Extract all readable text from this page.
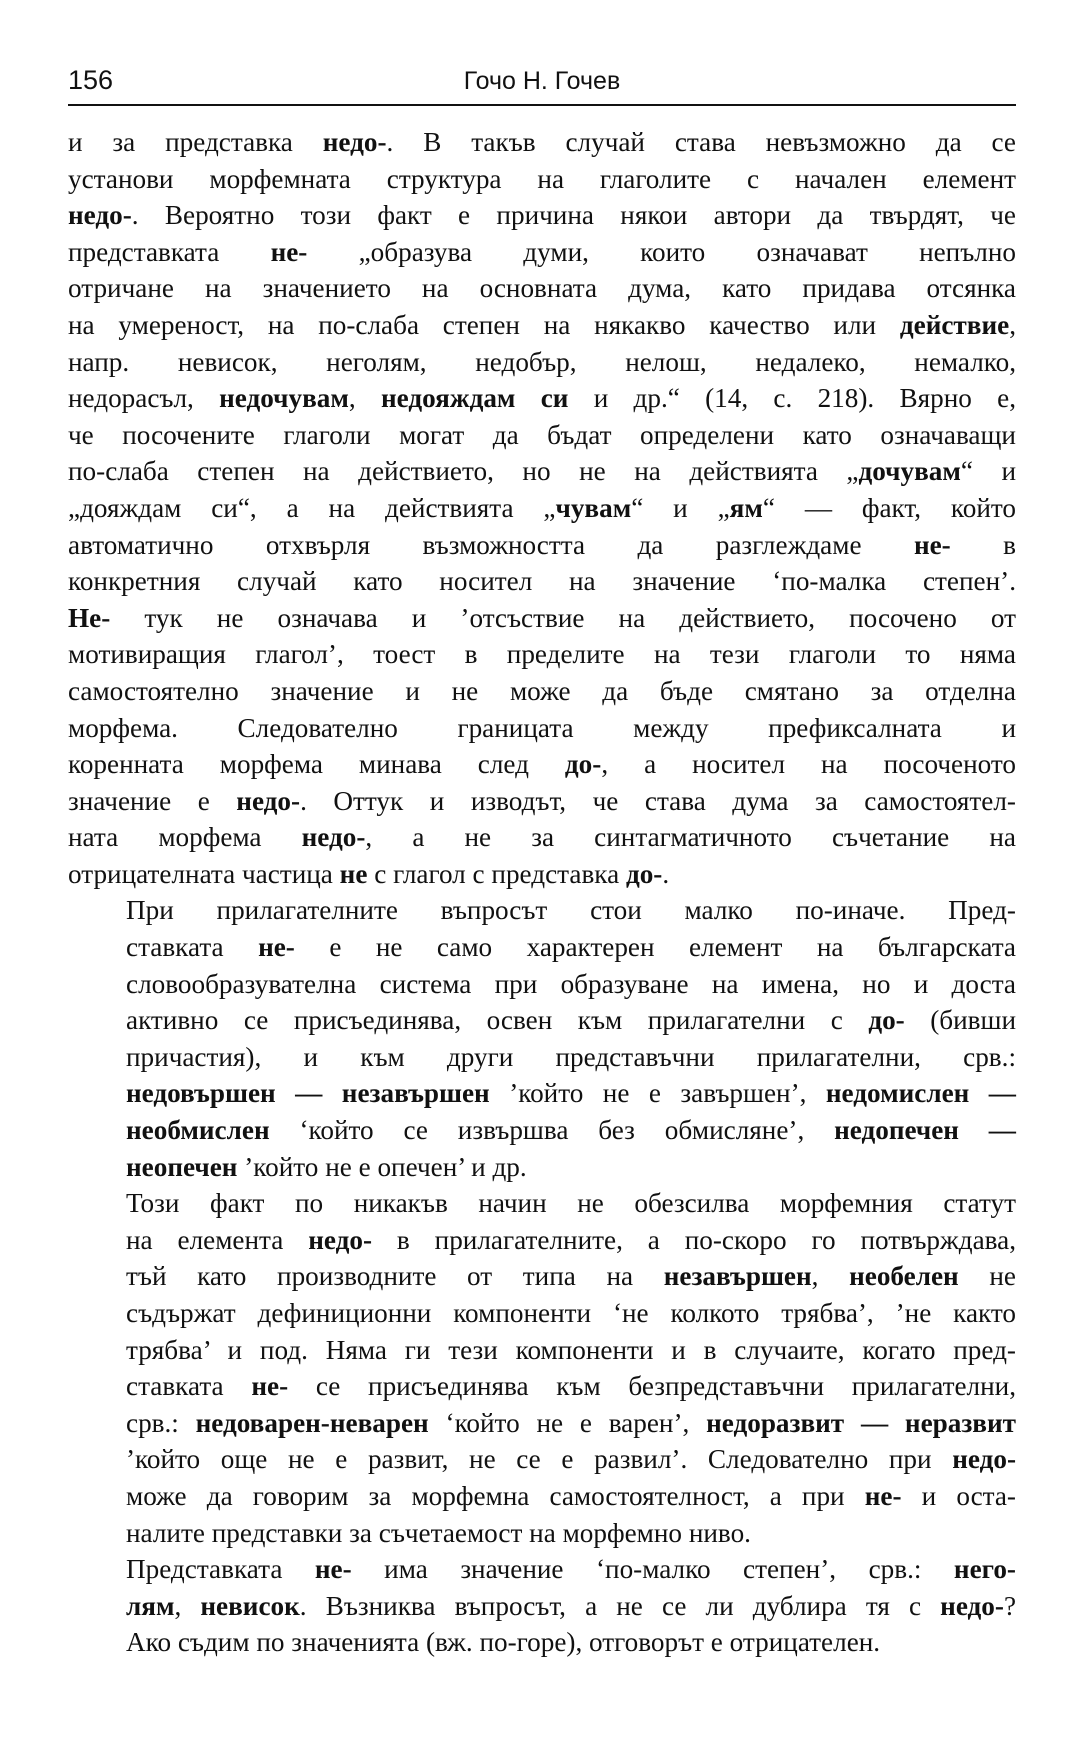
156	Гочо Н. Гочев
и за представка недо-. В такъв случай става невъзможно да се
установи морфемната структура на глаголите с начален елемент
недо-. Вероятно този факт е причина някои автори да твърдят, че
представката не- „образува думи, които означават непълно
отричане на значението на основната дума, като придава отсянка
на умереност, на по-слаба степен на някакво качество или действие,
напр. невисок, неголям, недобър, нелош, недалеко, немалко,
недорасъл, недочувам, недояждам си и др.“ (14, с. 218). Вярно е,
че посочените глаголи могат да бъдат определени като означаващи
по-слаба степен на действието, но не на действията „дочувам“ и
„дояждам си“, а на действията „чувам“ и „ям“ — факт, който
автоматично отхвърля възможността да разглеждаме не- в
конкретния случай като носител на значение ‘по-малка степен’.
Не- тук не означава и ’отсъствие на действието, посочено от
мотивиращия глагол’, тоест в пределите на тези глаголи то няма
самостоятелно значение и не може да бъде смятано за отделна
морфема. Следователно границата между префиксалната и
коренната морфема минава след до-, а носител на посоченото
значение е недо-. Оттук и изводът, че става дума за самостоятел-
ната морфема недо-, а не за синтагматичното съчетание на
отрицателната частица не с глагол с представка до-.
При прилагателните въпросът стои малко по-иначе. Пред-
ставката не- е не само характерен елемент на българската
словообразувателна система при образуване на имена, но и доста
активно се присъединява, освен към прилагателни с до- (бивши
причастия), и към други представъчни прилагателни, срв.:
недовършен — незавършен ’който не е завършен’, недомислен —
необмислен ‘който се извършва без обмисляне’, недопечен —
неопечен ’който не е опечен’ и др.
Този факт по никакъв начин не обезсилва морфемния статут
на елемента недо- в прилагателните, а по-скоро го потвърждава,
тъй като производните от типа на незавършен, необелен не
съдържат дефиниционни компоненти ‘не колкото трябва’, ’не както
трябва’ и под. Няма ги тези компоненти и в случаите, когато пред-
ставката не- се присъединява към безпредставъчни прилагателни,
срв.: недоварен-неварен ‘който не е варен’, недоразвит — неразвит
’който още не е развит, не се е развил’. Следователно при недо-
може да говорим за морфемна самостоятелност, а при не- и оста-
налите представки за съчетаемост на морфемно ниво.
Представката не- има значение ‘по-малко степен’, срв.: него-
лям, невисок. Възниква въпросът, а не се ли дублира тя с недо-?
Ако съдим по значенията (вж. по-горе), отговорът е отрицателен.
